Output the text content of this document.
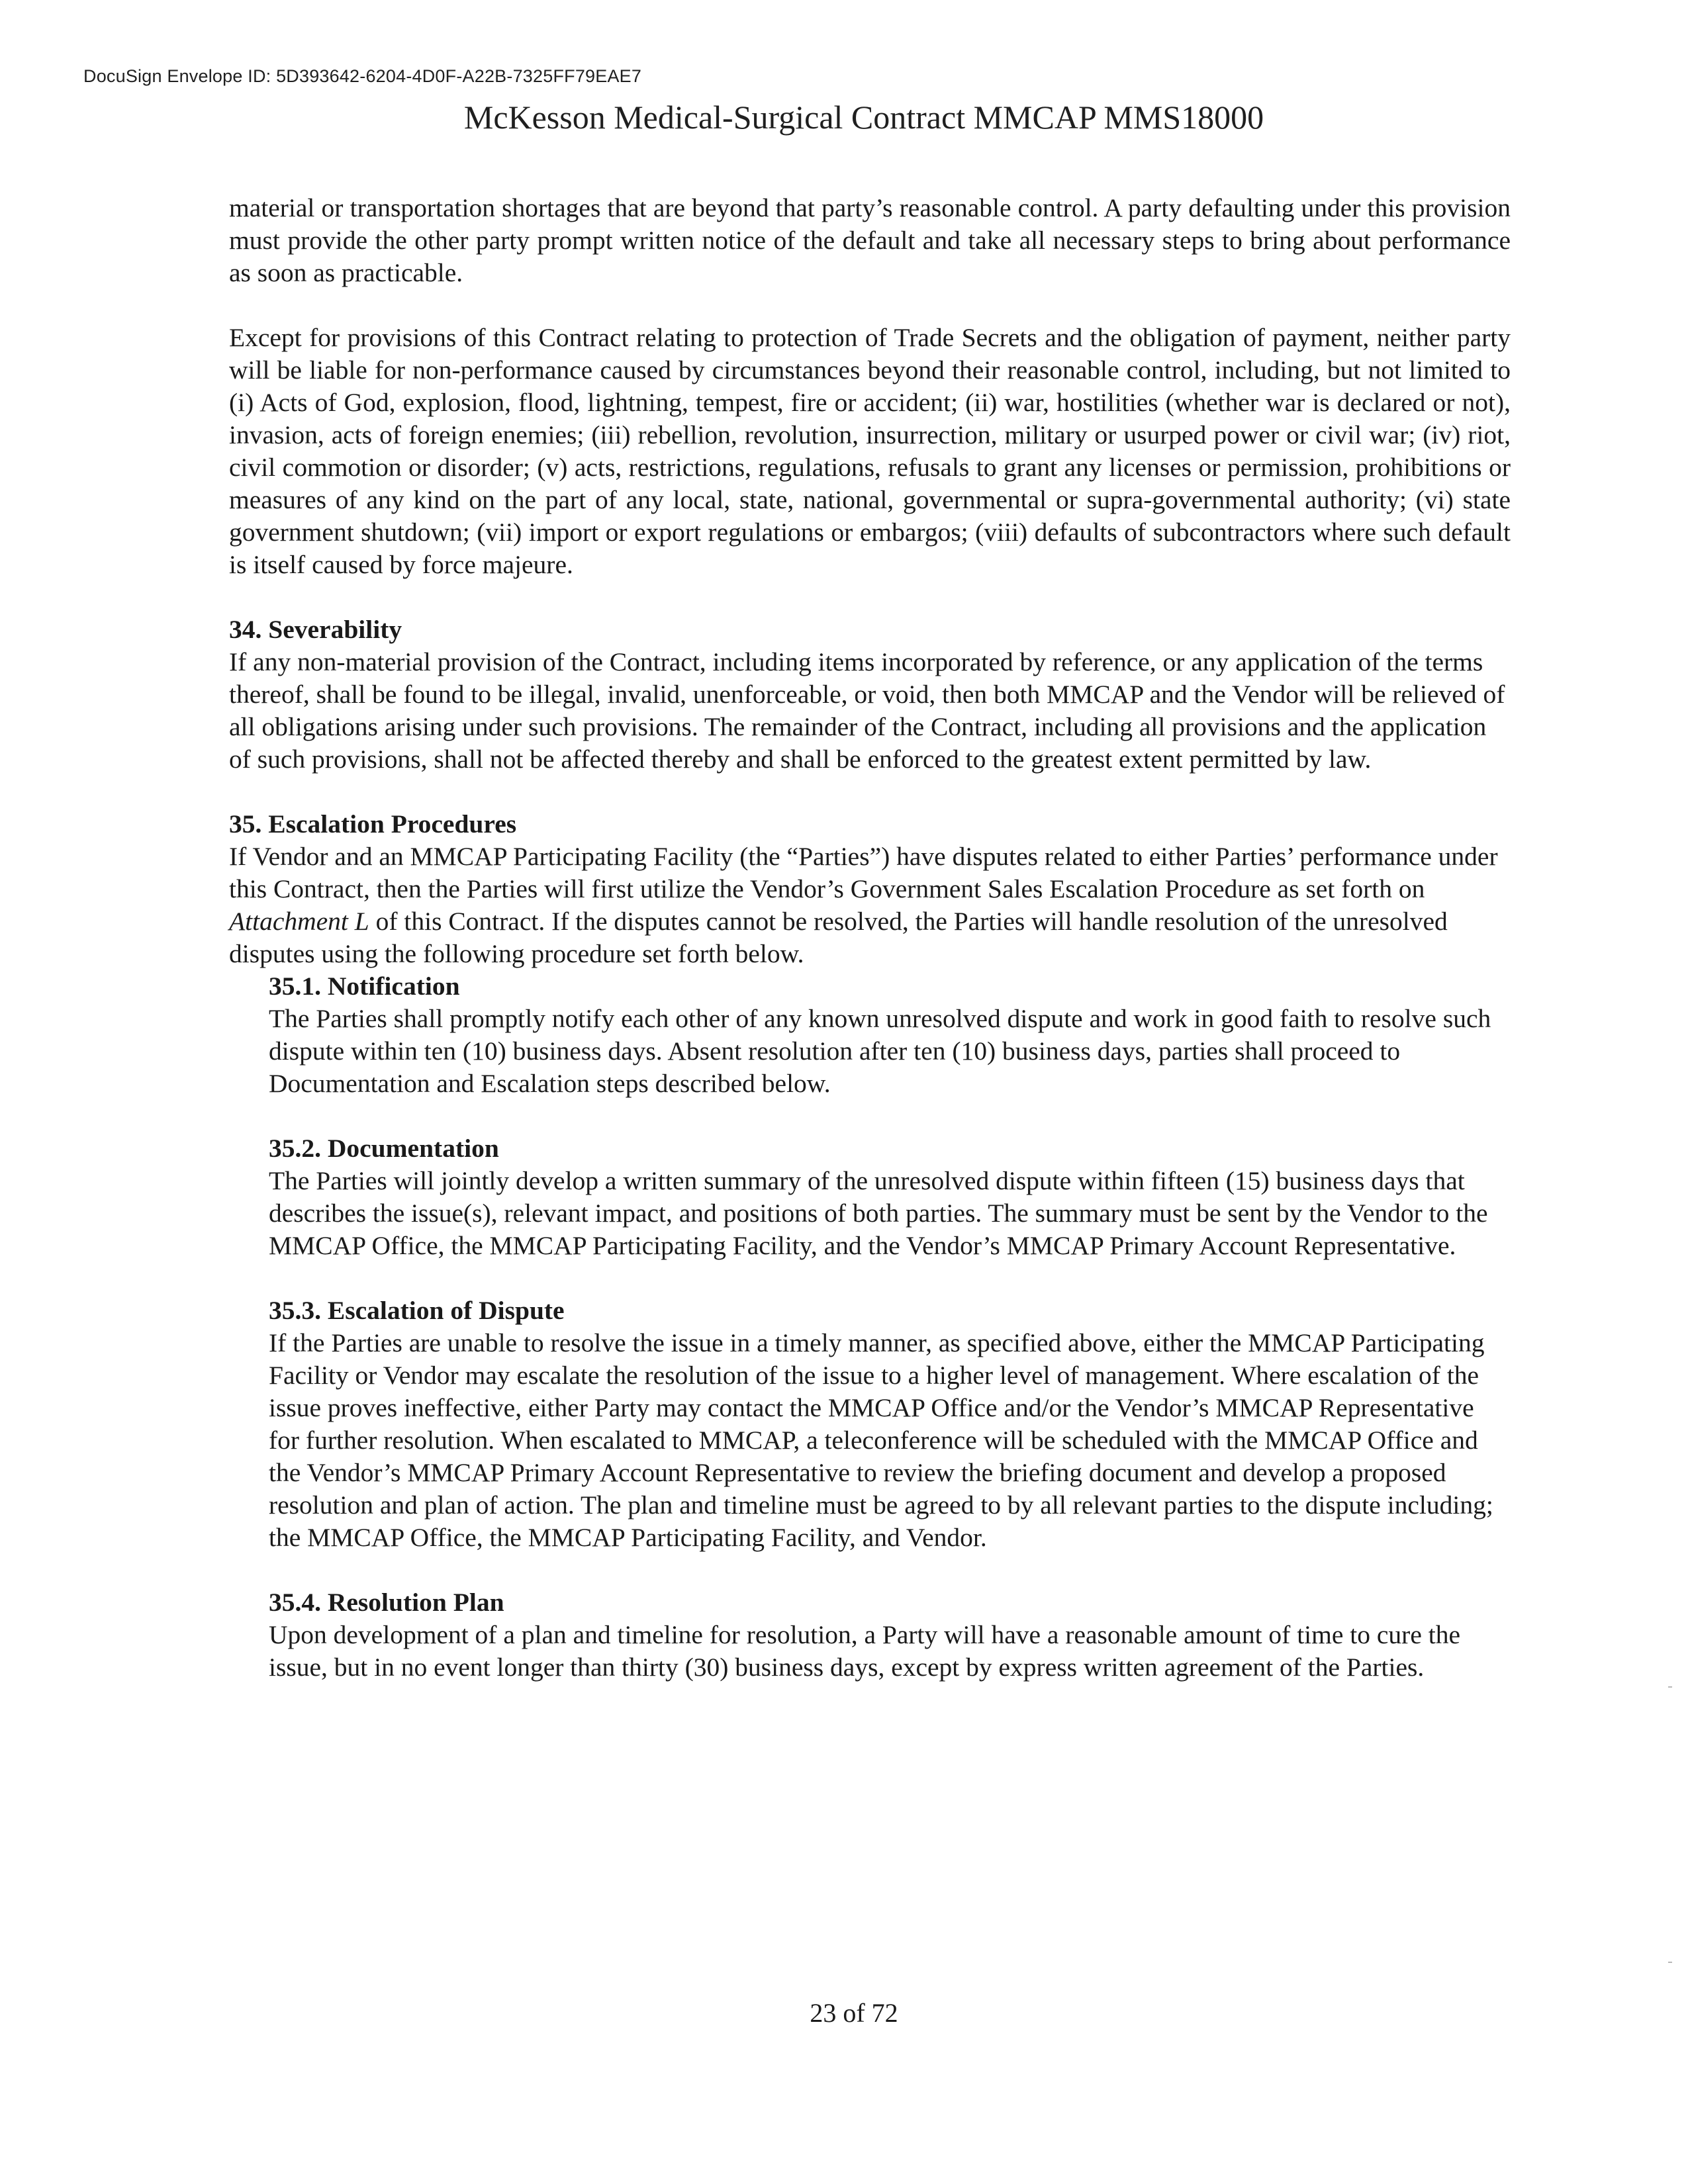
DocuSign Envelope ID: 5D393642-6204-4D0F-A22B-7325FF79EAE7
McKesson Medical-Surgical Contract MMCAP MMS18000

material or transportation shortages that are beyond that party’s reasonable control. A party defaulting under this provision must provide the other party prompt written notice of the default and take all necessary steps to bring about performance as soon as practicable.

Except for provisions of this Contract relating to protection of Trade Secrets and the obligation of payment, neither party will be liable for non-performance caused by circumstances beyond their reasonable control, including, but not limited to (i) Acts of God, explosion, flood, lightning, tempest, fire or accident; (ii) war, hostilities (whether war is declared or not), invasion, acts of foreign enemies; (iii) rebellion, revolution, insurrection, military or usurped power or civil war; (iv) riot, civil commotion or disorder; (v) acts, restrictions, regulations, refusals to grant any licenses or permission, prohibitions or measures of any kind on the part of any local, state, national, governmental or supra-governmental authority; (vi) state government shutdown; (vii) import or export regulations or embargos; (viii) defaults of subcontractors where such default is itself caused by force majeure.

34. Severability

If any non-material provision of the Contract, including items incorporated by reference, or any application of the terms thereof, shall be found to be illegal, invalid, unenforceable, or void, then both MMCAP and the Vendor will be relieved of all obligations arising under such provisions. The remainder of the Contract, including all provisions and the application of such provisions, shall not be affected thereby and shall be enforced to the greatest extent permitted by law.

35. Escalation Procedures

If Vendor and an MMCAP Participating Facility (the “Parties”) have disputes related to either Parties’ performance under this Contract, then the Parties will first utilize the Vendor’s Government Sales Escalation Procedure as set forth on Attachment L of this Contract. If the disputes cannot be resolved, the Parties will handle resolution of the unresolved disputes using the following procedure set forth below.

35.1. Notification

The Parties shall promptly notify each other of any known unresolved dispute and work in good faith to resolve such dispute within ten (10) business days. Absent resolution after ten (10) business days, parties shall proceed to Documentation and Escalation steps described below.

35.2. Documentation

The Parties will jointly develop a written summary of the unresolved dispute within fifteen (15) business days that describes the issue(s), relevant impact, and positions of both parties. The summary must be sent by the Vendor to the MMCAP Office, the MMCAP Participating Facility, and the Vendor’s MMCAP Primary Account Representative.

35.3. Escalation of Dispute

If the Parties are unable to resolve the issue in a timely manner, as specified above, either the MMCAP Participating Facility or Vendor may escalate the resolution of the issue to a higher level of management. Where escalation of the issue proves ineffective, either Party may contact the MMCAP Office and/or the Vendor’s MMCAP Representative for further resolution. When escalated to MMCAP, a teleconference will be scheduled with the MMCAP Office and the Vendor’s MMCAP Primary Account Representative to review the briefing document and develop a proposed resolution and plan of action. The plan and timeline must be agreed to by all relevant parties to the dispute including; the MMCAP Office, the MMCAP Participating Facility, and Vendor.

35.4. Resolution Plan

Upon development of a plan and timeline for resolution, a Party will have a reasonable amount of time to cure the issue, but in no event longer than thirty (30) business days, except by express written agreement of the Parties.

23 of 72
